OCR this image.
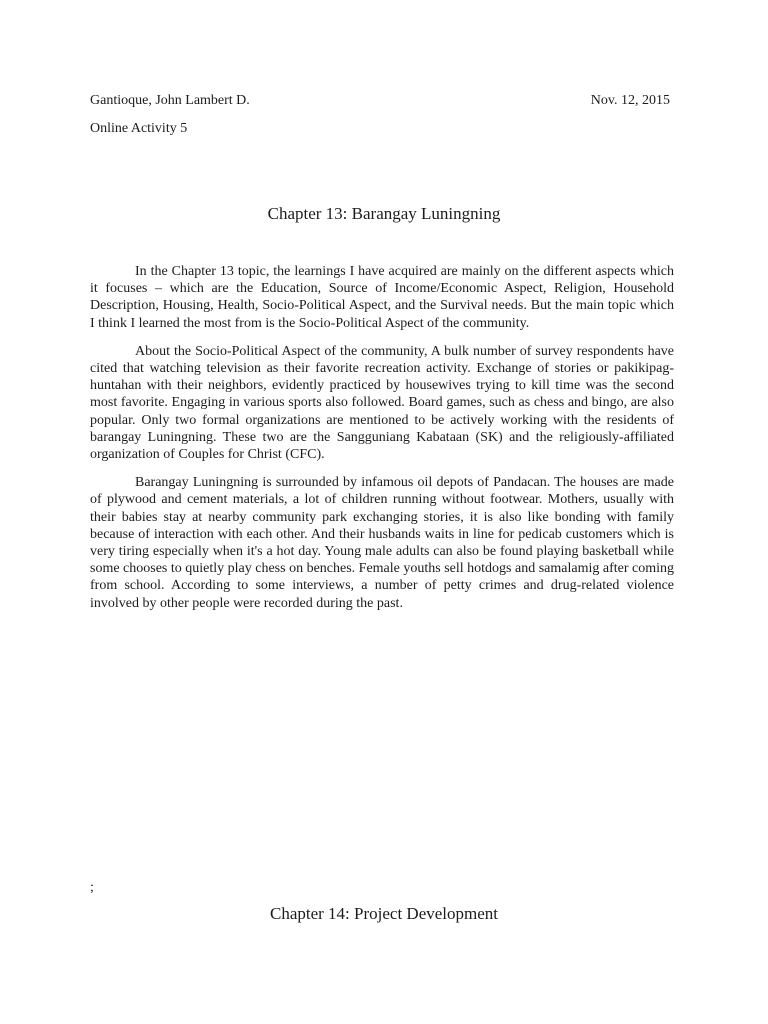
Gantioque, John Lambert D.	Nov. 12, 2015
Online Activity 5
Chapter 13: Barangay Luningning

In the Chapter 13 topic, the learnings I have acquired are mainly on the different aspects which it focuses – which are the Education, Source of Income/Economic Aspect, Religion, Household Description, Housing, Health, Socio-Political Aspect, and the Survival needs. But the main topic which I think I learned the most from is the Socio-Political Aspect of the community.

About the Socio-Political Aspect of the community, A bulk number of survey respondents have cited that watching television as their favorite recreation activity. Exchange of stories or pakikipag-huntahan with their neighbors, evidently practiced by housewives trying to kill time was the second most favorite. Engaging in various sports also followed. Board games, such as chess and bingo, are also popular. Only two formal organizations are mentioned to be actively working with the residents of barangay Luningning. These two are the Sangguniang Kabataan (SK) and the religiously-affiliated organization of Couples for Christ (CFC).

Barangay Luningning is surrounded by infamous oil depots of Pandacan. The houses are made of plywood and cement materials, a lot of children running without footwear. Mothers, usually with their babies stay at nearby community park exchanging stories, it is also like bonding with family because of interaction with each other. And their husbands waits in line for pedicab customers which is very tiring especially when it's a hot day. Young male adults can also be found playing basketball while some chooses to quietly play chess on benches. Female youths sell hotdogs and samalamig after coming from school. According to some interviews, a number of petty crimes and drug-related violence involved by other people were recorded during the past.

;
Chapter 14: Project Development
